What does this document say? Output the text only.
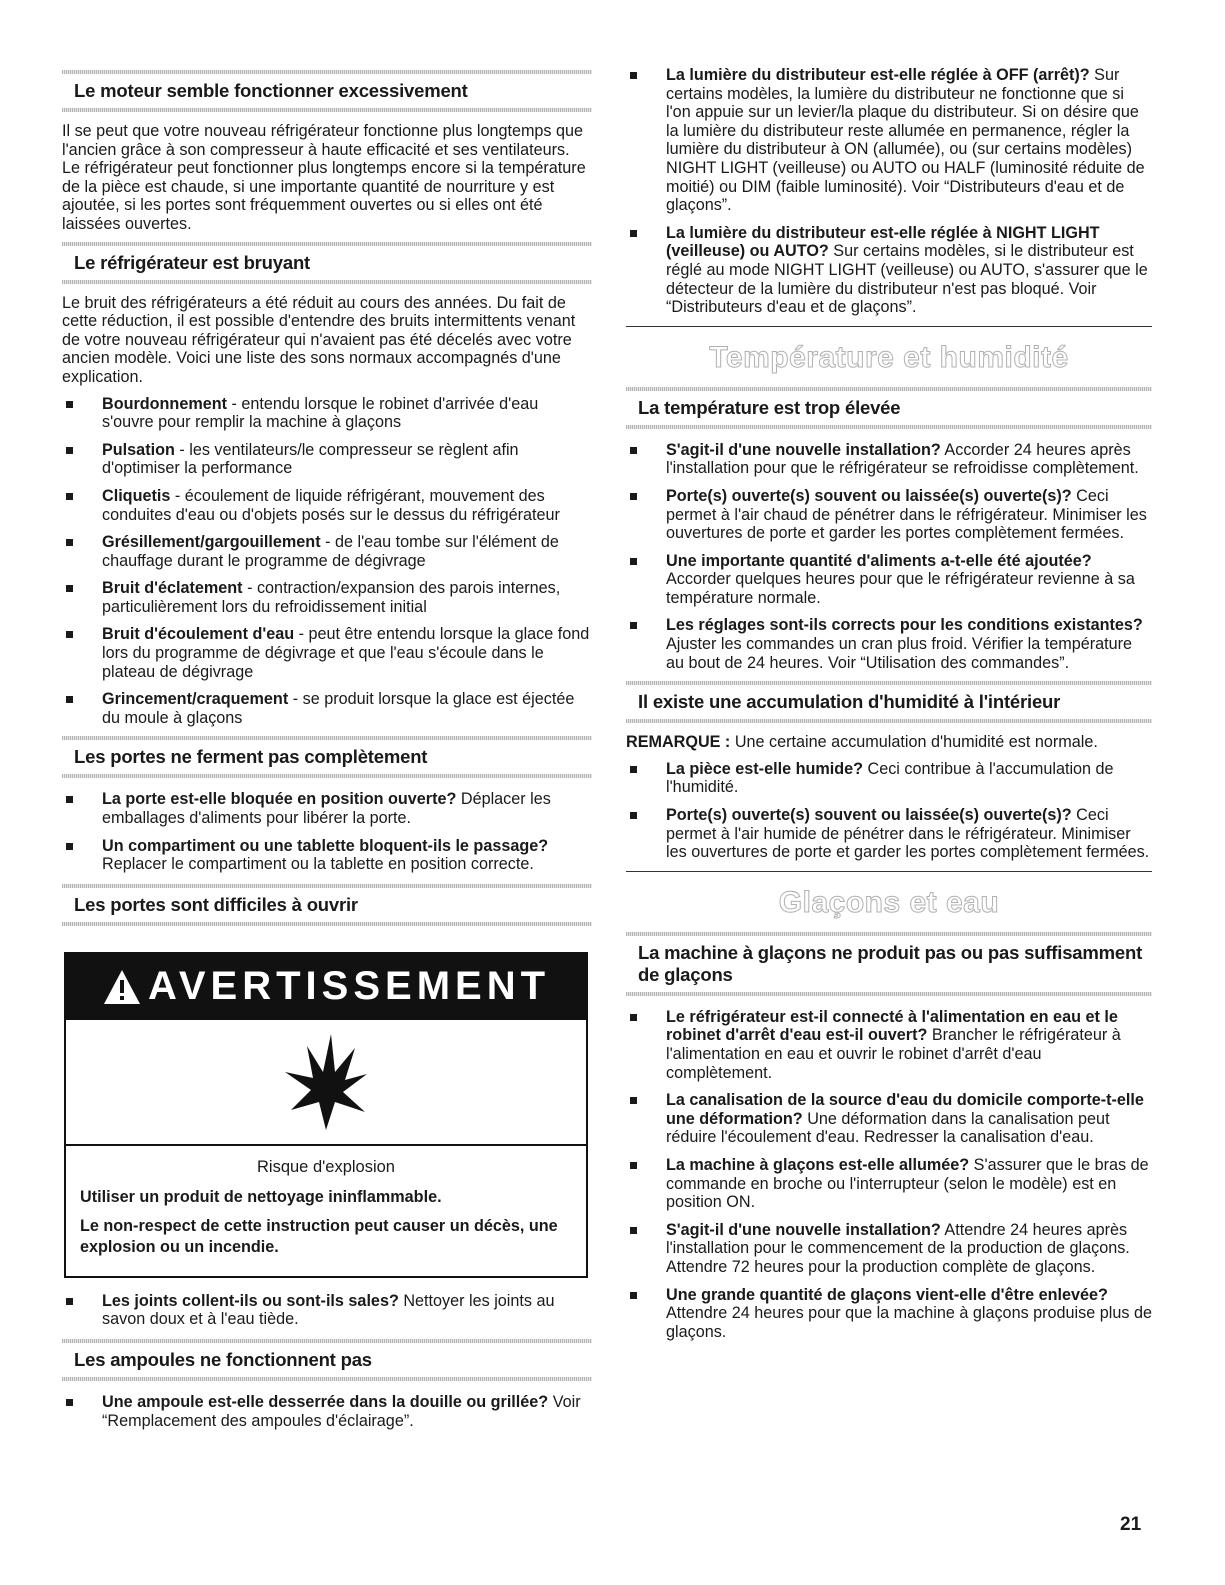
Le moteur semble fonctionner excessivement

Il se peut que votre nouveau réfrigérateur fonctionne plus longtemps que l'ancien grâce à son compresseur à haute efficacité et ses ventilateurs. Le réfrigérateur peut fonctionner plus longtemps encore si la température de la pièce est chaude, si une importante quantité de nourriture y est ajoutée, si les portes sont fréquemment ouvertes ou si elles ont été laissées ouvertes.

Le réfrigérateur est bruyant

Le bruit des réfrigérateurs a été réduit au cours des années. Du fait de cette réduction, il est possible d'entendre des bruits intermittents venant de votre nouveau réfrigérateur qui n'avaient pas été décelés avec votre ancien modèle. Voici une liste des sons normaux accompagnés d'une explication.

Bourdonnement - entendu lorsque le robinet d'arrivée d'eau s'ouvre pour remplir la machine à glaçons
Pulsation - les ventilateurs/le compresseur se règlent afin d'optimiser la performance
Cliquetis - écoulement de liquide réfrigérant, mouvement des conduites d'eau ou d'objets posés sur le dessus du réfrigérateur
Grésillement/gargouillement - de l'eau tombe sur l'élément de chauffage durant le programme de dégivrage
Bruit d'éclatement - contraction/expansion des parois internes, particulièrement lors du refroidissement initial
Bruit d'écoulement d'eau - peut être entendu lorsque la glace fond lors du programme de dégivrage et que l'eau s'écoule dans le plateau de dégivrage
Grincement/craquement - se produit lorsque la glace est éjectée du moule à glaçons
Les portes ne ferment pas complètement
La porte est-elle bloquée en position ouverte? Déplacer les emballages d'aliments pour libérer la porte.
Un compartiment ou une tablette bloquent-ils le passage? Replacer le compartiment ou la tablette en position correcte.
Les portes sont difficiles à ouvrir
AVERTISSEMENT
Risque d'explosion
Utiliser un produit de nettoyage ininflammable.
Le non-respect de cette instruction peut causer un décès, une explosion ou un incendie.
Les joints collent-ils ou sont-ils sales? Nettoyer les joints au savon doux et à l'eau tiède.
Les ampoules ne fonctionnent pas
Une ampoule est-elle desserrée dans la douille ou grillée? Voir “Remplacement des ampoules d'éclairage”.
La lumière du distributeur est-elle réglée à OFF (arrêt)? Sur certains modèles, la lumière du distributeur ne fonctionne que si l'on appuie sur un levier/la plaque du distributeur. Si on désire que la lumière du distributeur reste allumée en permanence, régler la lumière du distributeur à ON (allumée), ou (sur certains modèles) NIGHT LIGHT (veilleuse) ou AUTO ou HALF (luminosité réduite de moitié) ou DIM (faible luminosité). Voir “Distributeurs d'eau et de glaçons”.
La lumière du distributeur est-elle réglée à NIGHT LIGHT (veilleuse) ou AUTO? Sur certains modèles, si le distributeur est réglé au mode NIGHT LIGHT (veilleuse) ou AUTO, s'assurer que le détecteur de la lumière du distributeur n'est pas bloqué. Voir “Distributeurs d'eau et de glaçons”.
Température et humidité
La température est trop élevée
S'agit-il d'une nouvelle installation? Accorder 24 heures après l'installation pour que le réfrigérateur se refroidisse complètement.
Porte(s) ouverte(s) souvent ou laissée(s) ouverte(s)? Ceci permet à l'air chaud de pénétrer dans le réfrigérateur. Minimiser les ouvertures de porte et garder les portes complètement fermées.
Une importante quantité d'aliments a-t-elle été ajoutée? Accorder quelques heures pour que le réfrigérateur revienne à sa température normale.
Les réglages sont-ils corrects pour les conditions existantes? Ajuster les commandes un cran plus froid. Vérifier la température au bout de 24 heures. Voir “Utilisation des commandes”.
Il existe une accumulation d'humidité à l'intérieur

REMARQUE : Une certaine accumulation d'humidité est normale.

La pièce est-elle humide? Ceci contribue à l'accumulation de l'humidité.
Porte(s) ouverte(s) souvent ou laissée(s) ouverte(s)? Ceci permet à l'air humide de pénétrer dans le réfrigérateur. Minimiser les ouvertures de porte et garder les portes complètement fermées.
Glaçons et eau
La machine à glaçons ne produit pas ou pas suffisamment de glaçons
Le réfrigérateur est-il connecté à l'alimentation en eau et le robinet d'arrêt d'eau est-il ouvert? Brancher le réfrigérateur à l'alimentation en eau et ouvrir le robinet d'arrêt d'eau complètement.
La canalisation de la source d'eau du domicile comporte-t-elle une déformation? Une déformation dans la canalisation peut réduire l'écoulement d'eau. Redresser la canalisation d'eau.
La machine à glaçons est-elle allumée? S'assurer que le bras de commande en broche ou l'interrupteur (selon le modèle) est en position ON.
S'agit-il d'une nouvelle installation? Attendre 24 heures après l'installation pour le commencement de la production de glaçons. Attendre 72 heures pour la production complète de glaçons.
Une grande quantité de glaçons vient-elle d'être enlevée? Attendre 24 heures pour que la machine à glaçons produise plus de glaçons.
21
